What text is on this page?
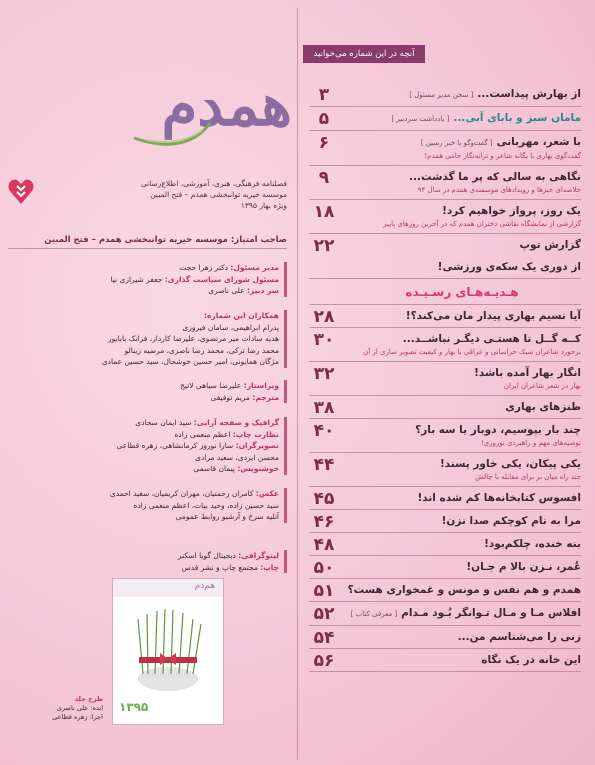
آنچه در این شماره می‌خوانید
۳	از بهارش پیداست...[ سخن مدیر مسئول ]
۵	مامان سبز و بابای آبی...[ یادداشت سردبیر ]
۶	با شعر، مهربانی[ گفت‌وگو با خبر رسین ]
گفت‌گوی بهاری با یگانه شاعر و ترانه‌نگار حامی همدم!
۹	نگاهی به سالی که پر ما گذشت...
خلاصه‌ای خبرها و رویدادهای موسسه‌ی همدم در سال ۹۴
۱۸	یک روز، پرواز خواهیم کرد!
گزارشی از نمایشگاه نقاشی دختران همدم که در آخرین روزهای پاییز
۲۲	گزارش توپ
از دوری یک سکه‌ی ورزشی!
هـدیـه‌هـای رسـیـده
۲۸	آیا نسیم بهاری پیدار مان می‌کند؟!
۳۰	کــه گــل تا هستـی دیگـر نباشــد...
برخورد شاعران سبک خراسانی و عراقی با بهار و کیفیت تصویر سازی از آن
۳۲	انگار بهار آمده باشد!
بهار در شعر شاعران ایران
۳۸	طنزهای بهاری
۴۰	چند بار بپوسیم، دوبار یا سه بار؟
توصیه‌های مهم و راهبردی نوروزی!
۴۴	یکی پیکان، یکی خاور پسند!
چند راه میان بر برای مقابله با چالش
۴۵	افسوس کتابخانه‌ها کم شده اند!
۴۶	مرا به نام کوچکم صدا نزن!
۴۸	بنه خنده، چلکم‌بود!
۵۰	عُمر، نـزن بالا م جـان!
۵۱	همدم و هم نفس و مونس و غمخواری هست؟
۵۲	افلاس مـا و مـال تـوانگر بُـود مـدام[ معرفی کتاب ]
۵۴	زنی را می‌شناسم من...
۵۶	این خانه در یک نگاه
همدم
فصلنامه فرهنگی، هنری، آموزشی، اطلاع‌رسانی
موسسه خیریه توانبخشی همدم – فتح المبین
ویژه بهار ۱۳۹۵
صاحب امتیاز: موسسه خیریه توانبخشی همدم – فتح المبین
مدیر مسئول: دکتر زهرا حجت
مسئول شورای سیاست گذاری: جعفر شیرازی نیا
سر دبیر: علی ناصری
همکاران این شماره:
پدرام ابراهیمی، سامان فیروزی
هدیه سادات میر مرتضوی، علیرضا کاردار، فرانک بابایور
محمد رضا ترکی، محمد رضا ناصری، مرضیه زینالو
مژگان همایونی، امیر حسین خوشحال، سید حسین عمادی
ویراستار: علیرضا سیاهی لاتیج
مترجم: مریم توفیقی
گرافیک و صفحه آرایی: سید ایمان سجادی
نظارت چاپ: اعظم منعمی زاده
تصویرگران: سارا نوروز کرمانشاهی، زهره قطاعی
محسن ایزدی، سعید مرادی
خوشنویس: پیمان قاسمی
عکس: کامران رحمتیان، مهران کریمیان، سعید احمدی
سید حسین زاده، وحید بیات، اعظم منعمی زاده
آتلیه سرخ و آرشیو روابط عمومی
لیتوگرافی: دیجیتال گویا اسکنر
چاپ: مجتمع چاپ و نشر قدس
۱۳۹۵
هم‌دم
طرح جلد
ایده: علی ناصری
اجرا: زهره قطاعی
